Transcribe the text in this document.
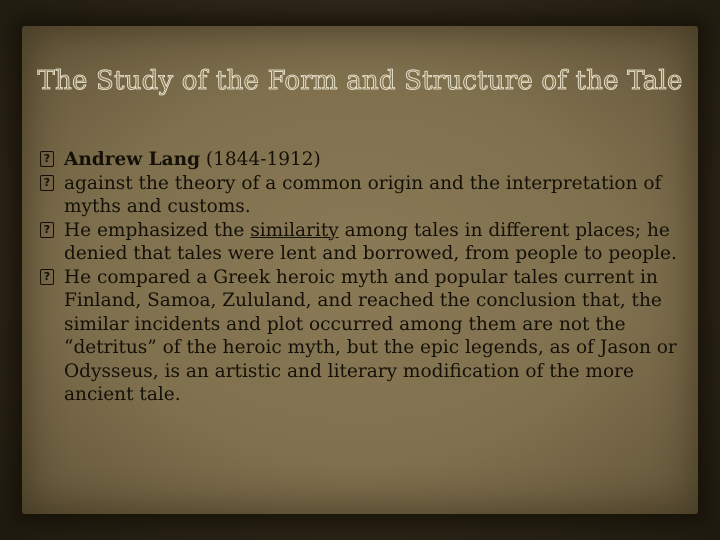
The Study of the Form and Structure of the Tale

? Andrew Lang (1844-1912)

? against the theory of a common origin and the interpretation of myths and customs.

? He emphasized the similarity among tales in different places; he denied that tales were lent and borrowed, from people to people.

? He compared a Greek heroic myth and popular tales current in Finland, Samoa, Zululand, and reached the conclusion that, the similar incidents and plot occurred among them are not the “detritus” of the heroic myth, but the epic legends, as of Jason or Odysseus, is an artistic and literary modification of the more ancient tale.
